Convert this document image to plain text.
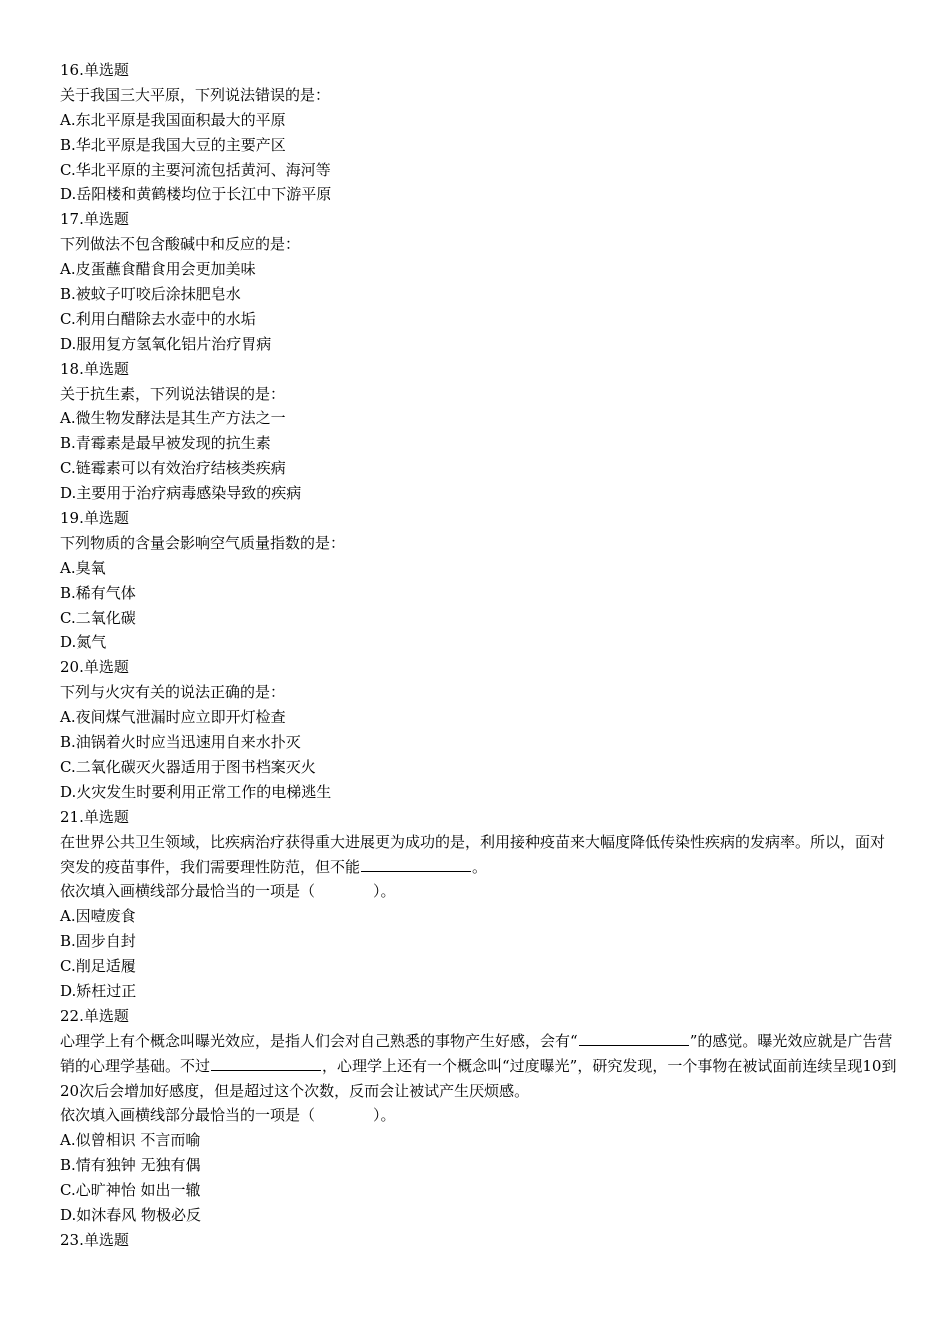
16.单选题
关于我国三大平原，下列说法错误的是：
A.东北平原是我国面积最大的平原
B.华北平原是我国大豆的主要产区
C.华北平原的主要河流包括黄河、海河等
D.岳阳楼和黄鹤楼均位于长江中下游平原
17.单选题
下列做法不包含酸碱中和反应的是：
A.皮蛋蘸食醋食用会更加美味
B.被蚊子叮咬后涂抹肥皂水
C.利用白醋除去水壶中的水垢
D.服用复方氢氧化铝片治疗胃病
18.单选题
关于抗生素，下列说法错误的是：
A.微生物发酵法是其生产方法之一
B.青霉素是最早被发现的抗生素
C.链霉素可以有效治疗结核类疾病
D.主要用于治疗病毒感染导致的疾病
19.单选题
下列物质的含量会影响空气质量指数的是：
A.臭氧
B.稀有气体
C.二氧化碳
D.氮气
20.单选题
下列与火灾有关的说法正确的是：
A.夜间煤气泄漏时应立即开灯检查
B.油锅着火时应当迅速用自来水扑灭
C.二氧化碳灭火器适用于图书档案灭火
D.火灾发生时要利用正常工作的电梯逃生
21.单选题
在世界公共卫生领域，比疾病治疗获得重大进展更为成功的是，利用接种疫苗来大幅度降低传染性疾病的发病率。所以，面对突发的疫苗事件，我们需要理性防范，但不能	。
依次填入画横线部分最恰当的一项是（	）。
A.因噎废食
B.固步自封
C.削足适履
D.矫枉过正
22.单选题
心理学上有个概念叫曝光效应，是指人们会对自己熟悉的事物产生好感，会有“	”的感觉。曝光效应就是广告营销的心理学基础。不过	，心理学上还有一个概念叫“过度曝光”，研究发现，一个事物在被试面前连续呈现10到20次后会增加好感度，但是超过这个次数，反而会让被试产生厌烦感。
依次填入画横线部分最恰当的一项是（	）。
A.似曾相识 不言而喻
B.情有独钟 无独有偶
C.心旷神怡 如出一辙
D.如沐春风 物极必反
23.单选题
